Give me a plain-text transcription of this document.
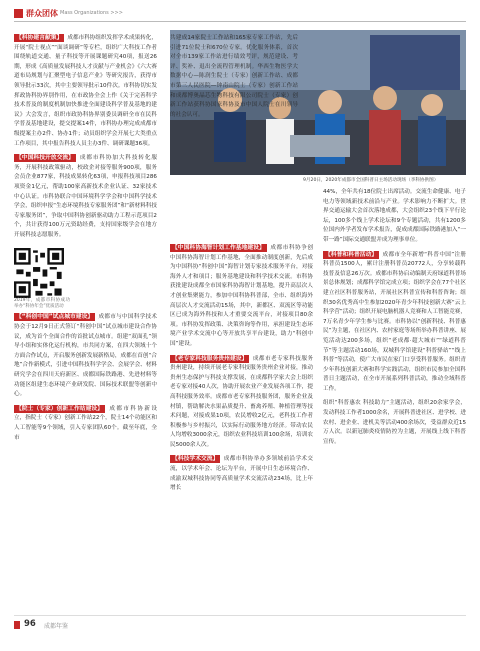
群众团体 Mass Organizations >>>
9月20日，2020年成都市全国科普日主场活动现场（李科协供图）

【科协建言献策】 成都市科协组织发挥学术成果转化，开展“院士视点”“面谈调研”等专栏，组织广大科技工作者围绕轨道交通、量子科技等开展课题研究40项，报送26期，形成《高质量发展科技人才贡献与产业机会》《六大赛道布局规划与汇聚型电子信息产业》等研究报告，获得市领导批示33次，其中主要领导批示10件次。市科协切实发挥政协科协界别作用，在市政协全会上作《关于完善科学技术普及的制度机制加快推进全面建设科学普及基地的建议》大会发言，组织市政协科协界别委员调研全市在民科学普及基地建设，提交提案14件，市科协办理完成成都市级提案主办2件、协办1件；动员组织学会开展七大类重点工作项目，其中报告科技人员主办3件、调研课题36项。

【中国科技开放交流】 成都市科协加大科技转化服务，开展科技政策驱动，校政企对接等服务900项，服务会员企业877家，科技成果转化63项，申报科技项目286项资金1亿元，帮助100家高新技术企业认证、32家技术中心认证。市科协联合中国环境科学学会和中国科学技术学会，组织申报“生态环境科技专家服务团”和“新材料科技专家服务团”，争取中国科协创新驱动助力工程示范项目2个，共计获得100万元资助经费，支持国家级学会在地方开展科技志愿服务。

2019年，成都市科协成功举办“科协年会”优质活动

【“科创中国”试点城市建设】 成都市与中国科学技术协会于12月9日正式签订“科创中国”试点城市建设合作协议，成为首个全面合作的首批试点城市。组建“双面孔”领导小组和实体化运行机构，市共同方案，在四大领域十个方面合作试点，开启服务创新发展新格局，成都在首创“合地”合作新模式，引进中国科技科学学会、会展学会、材料研究学会在四川天府新区、成都国际铁路港、先进材料等功能区组建生态环境产业研发院、国际技术联盟等创新中心。

【院士（专家）创新工作站建设】 成都市科协新设立，指院士（专家）创新工作站22个，院士14个功能区和人工智能等9个领域，引入专家团队60个。截至年底，全市

共建成14家院士工作站和165家专家工作站，先后引进71位院士和670位专家。优化服务体系，首次对全市139家工作站进行绩效考评，规范建设、考评、奖补、退出全流程管理机制。华西生物医学大数据中心—陈润生院士（专家）创新工作站、成都市第三人民医院—钟南山院士（专家）创新工作站和成都博奥晶芯生物科技有限公司院士（专家）创新工作站获科协国家科协及市中国人院士在川领导的社会认可。

【中国科协海智计划工作基地建设】 成都市科协争创中国科协海智计划工作基地，全面推动制度创新，先后成为中国科协“科创中国”海智计划专家技术服务平台，对接海外人才和项目；服务基地建设和科学技术交流。市科协获批建设成都全市国家科协海智计划基地，提升高层次人才创业集聚能力，参加中国科协科普部，全市、组织海外高层次人才交流活动15场，其中，新都区、双流区等功能区已成为海外科技和人才重要交流平台，对接项目80余项。市科协发挥政策、决策咨询等作用，承担建设生态环境产业学术交流中心等开放共享平台建设，助力“科创中国”建设。

【老专家科技服务贵州建设】 成都市老专家科技服务贵州建设，持续开展老专家科技服务贵州企业对接，推动贵州生态保护与科技支撑发展，在成都科学家大会上组织老专家对接40人次，协助开展农业产业发展各项工作，提高科技服务效率。成都市老专家科技服务团，服务企业及村镇，帮助解决水果品质提升、畜禽养殖、种植管理等技术问题，对接成果10项，农民增收2亿元，老科技工作者积极参与乡村振兴，以实际行动服务地方经济。带动农民人均增收3000余元，组织农业科技培训100余场，培训农民5000余人次。

【科技学术交流】 成都市科协举办多领域前沿学术交流，以学术年会、论坛为平台，开展中日生态环境合作、成渝双城科技协同等高质量学术交流活动234场，比上年增长

44%，全年共有18位院士出席活动。交流生命健康、电子电力等领域新技术前沿与产业。学术影响力不断扩大。世界交通运输大会首次落地成都，大会组织23个线下平行论坛，100多个线上学术论坛和9个专题活动，共有1200多位国内外学者发布学术报告，促成成都国际铁路港加入“一带一路”国际交通联盟并成为理事单位。

【科普和科普活动】 成都市全年新增“科普中国”注册科普员1500人，累计注册科普员20772人，分享转载科技普及信息26万次。成都市科协启动编制天府绿道科普场景总体规划；成都科学馆完成立项；组织学会在77个社区建立社区科普服务站，开展社区科普宣传和科普咨询；组织30名优秀高中生参加2020年青少年科技创新大赛“云上科学营”活动；组织开展电脑机器人竞赛和人工智能竞赛，7万名青少年学生参与比赛。市科协以“创新科技、科普惠民”为主题，在社区内、农村家庭等场所举办科普讲座、展览活动达200多场，组织“老成都·超大城市”“绿道科普节”等主题活动160场，双城科学馆建设“科普驿站”“线上科普”等活动，使广大市民在家门口享受科普服务。组织青少年科技创新大赛和科学实践活动，组织市民参加全国科普日主题活动，在全市开展系列科普活动，推动全域科普工作。

组织“科普惠农 科技助力”主题活动，组织20余家学会，发动科技工作者1000余名，开展科普进社区、进学校、进农村、进企业、进机关等活动400余场次，受益群众近15万人次。以新冠肺炎疫情防控为主题，开展线上线下科普宣传。

96 成都年鉴
